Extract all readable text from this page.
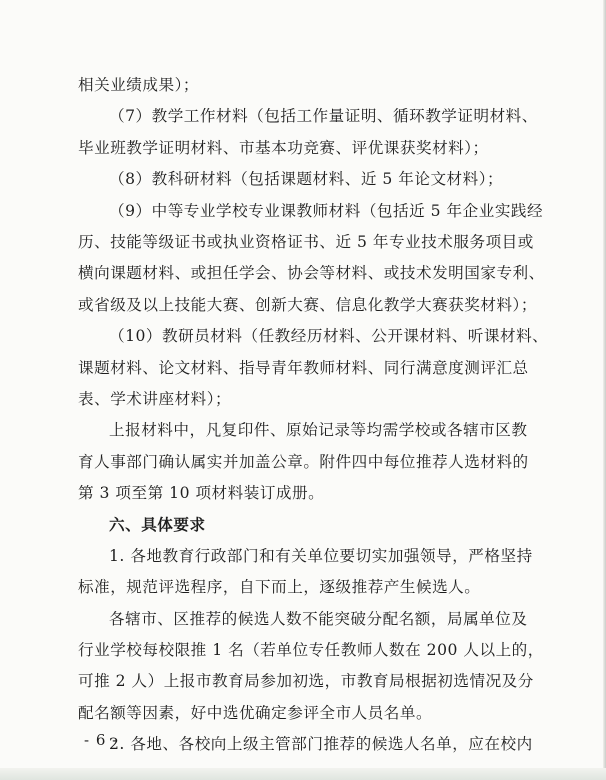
相关业绩成果）；

（7）教学工作材料（包括工作量证明、循环教学证明材料、

毕业班教学证明材料、市基本功竞赛、评优课获奖材料）；

（8）教科研材料（包括课题材料、近 5 年论文材料）；

（9）中等专业学校专业课教师材料（包括近 5 年企业实践经

历、技能等级证书或执业资格证书、近 5 年专业技术服务项目或

横向课题材料、或担任学会、协会等材料、或技术发明国家专利、

或省级及以上技能大赛、创新大赛、信息化教学大赛获奖材料）；

（10）教研员材料（任教经历材料、公开课材料、听课材料、

课题材料、论文材料、指导青年教师材料、同行满意度测评汇总

表、学术讲座材料）；

上报材料中，凡复印件、原始记录等均需学校或各辖市区教

育人事部门确认属实并加盖公章。附件四中每位推荐人选材料的

第 3 项至第 10 项材料装订成册。

六、具体要求

1. 各地教育行政部门和有关单位要切实加强领导，严格坚持

标准，规范评选程序，自下而上，逐级推荐产生候选人。

各辖市、区推荐的候选人数不能突破分配名额，局属单位及

行业学校每校限推 1 名（若单位专任教师人数在 200 人以上的，

可推 2 人）上报市教育局参加初选，市教育局根据初选情况及分

配名额等因素，好中选优确定参评全市人员名单。

2. 各地、各校向上级主管部门推荐的候选人名单，应在校内

- 6 -
